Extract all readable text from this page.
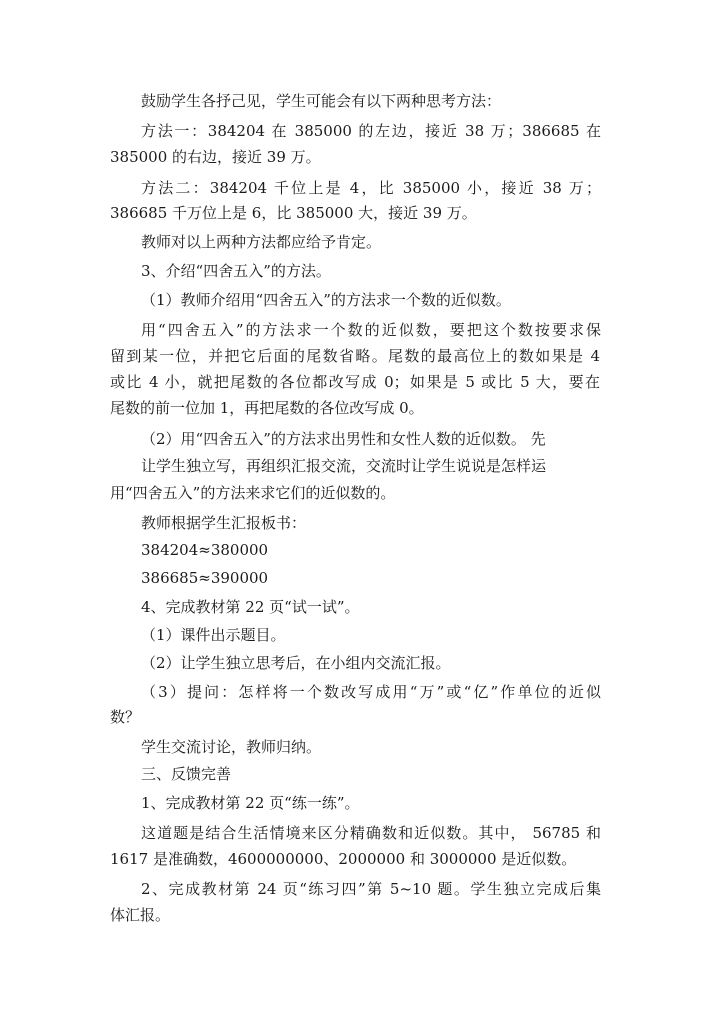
鼓励学生各抒己见，学生可能会有以下两种思考方法：
方法一：384204 在 385000 的左边，接近 38 万；386685 在
385000 的右边，接近 39 万。
方法二：384204 千位上是 4，比 385000 小，接近 38 万；
386685 千万位上是 6，比 385000 大，接近 39 万。
教师对以上两种方法都应给予肯定。
3、介绍“四舍五入”的方法。
（1）教师介绍用“四舍五入”的方法求一个数的近似数。
用“四舍五入”的方法求一个数的近似数，要把这个数按要求保
留到某一位，并把它后面的尾数省略。尾数的最高位上的数如果是 4
或比 4 小，就把尾数的各位都改写成 0；如果是 5 或比 5 大，要在
尾数的前一位加 1，再把尾数的各位改写成 0。
（2）用“四舍五入”的方法求出男性和女性人数的近似数。 先
让学生独立写，再组织汇报交流，交流时让学生说说是怎样运
用“四舍五入”的方法来求它们的近似数的。
教师根据学生汇报板书：
384204≈380000
386685≈390000
4、完成教材第 22 页“试一试”。
（1）课件出示题目。
（2）让学生独立思考后，在小组内交流汇报。
（3）提问：怎样将一个数改写成用“万”或“亿”作单位的近似
数？
学生交流讨论，教师归纳。
三、反馈完善
1、完成教材第 22 页“练一练”。
这道题是结合生活情境来区分精确数和近似数。其中， 56785 和
1617 是准确数，4600000000、2000000 和 3000000 是近似数。
2、完成教材第 24 页“练习四”第 5~10 题。学生独立完成后集
体汇报。
